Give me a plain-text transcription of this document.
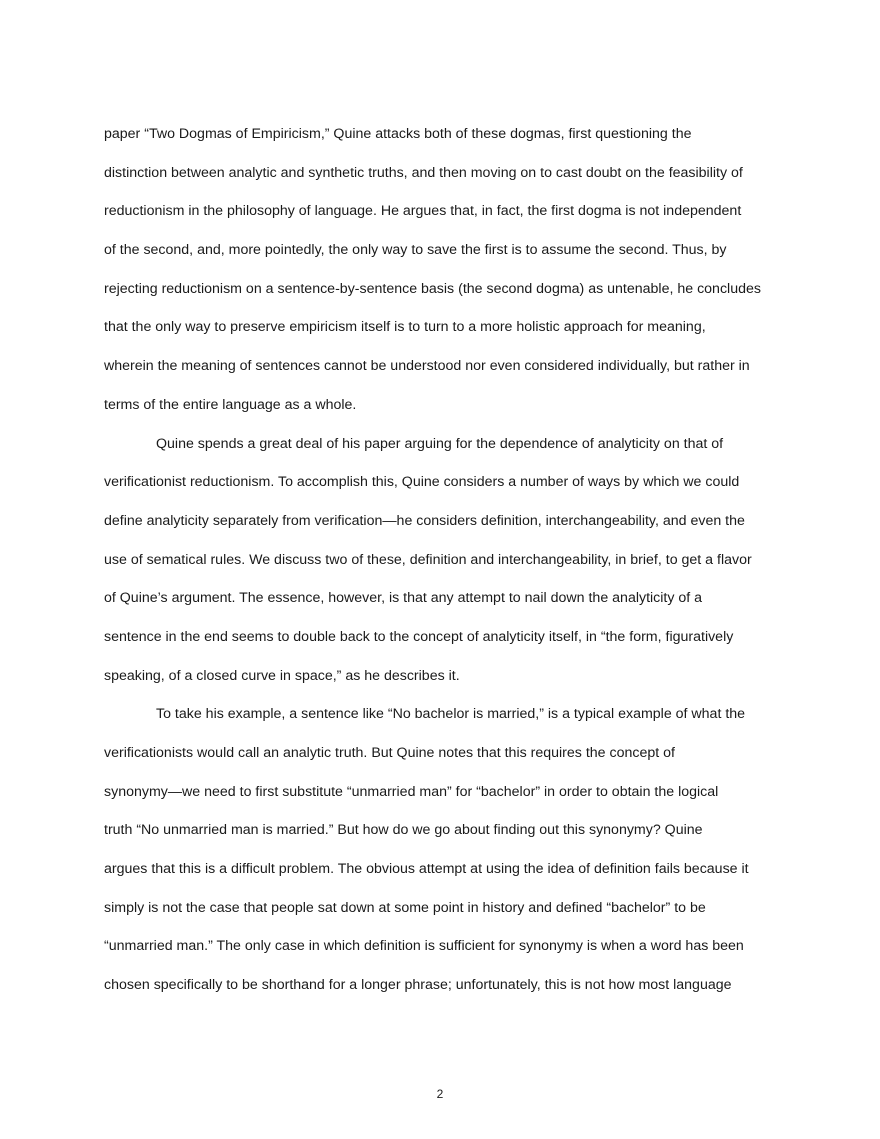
paper “Two Dogmas of Empiricism,” Quine attacks both of these dogmas, first questioning the
distinction between analytic and synthetic truths, and then moving on to cast doubt on the feasibility of
reductionism in the philosophy of language. He argues that, in fact, the first dogma is not independent
of the second, and, more pointedly, the only way to save the first is to assume the second. Thus, by
rejecting reductionism on a sentence-by-sentence basis (the second dogma) as untenable, he concludes
that the only way to preserve empiricism itself is to turn to a more holistic approach for meaning,
wherein the meaning of sentences cannot be understood nor even considered individually, but rather in
terms of the entire language as a whole.
Quine spends a great deal of his paper arguing for the dependence of analyticity on that of
verificationist reductionism. To accomplish this, Quine considers a number of ways by which we could
define analyticity separately from verification—he considers definition, interchangeability, and even the
use of sematical rules. We discuss two of these, definition and interchangeability, in brief, to get a flavor
of Quine’s argument. The essence, however, is that any attempt to nail down the analyticity of a
sentence in the end seems to double back to the concept of analyticity itself, in “the form, figuratively
speaking, of a closed curve in space,” as he describes it.
To take his example, a sentence like “No bachelor is married,” is a typical example of what the
verificationists would call an analytic truth. But Quine notes that this requires the concept of
synonymy—we need to first substitute “unmarried man” for “bachelor” in order to obtain the logical
truth “No unmarried man is married.” But how do we go about finding out this synonymy? Quine
argues that this is a difficult problem. The obvious attempt at using the idea of definition fails because it
simply is not the case that people sat down at some point in history and defined “bachelor” to be
“unmarried man.” The only case in which definition is sufficient for synonymy is when a word has been
chosen specifically to be shorthand for a longer phrase; unfortunately, this is not how most language
2
